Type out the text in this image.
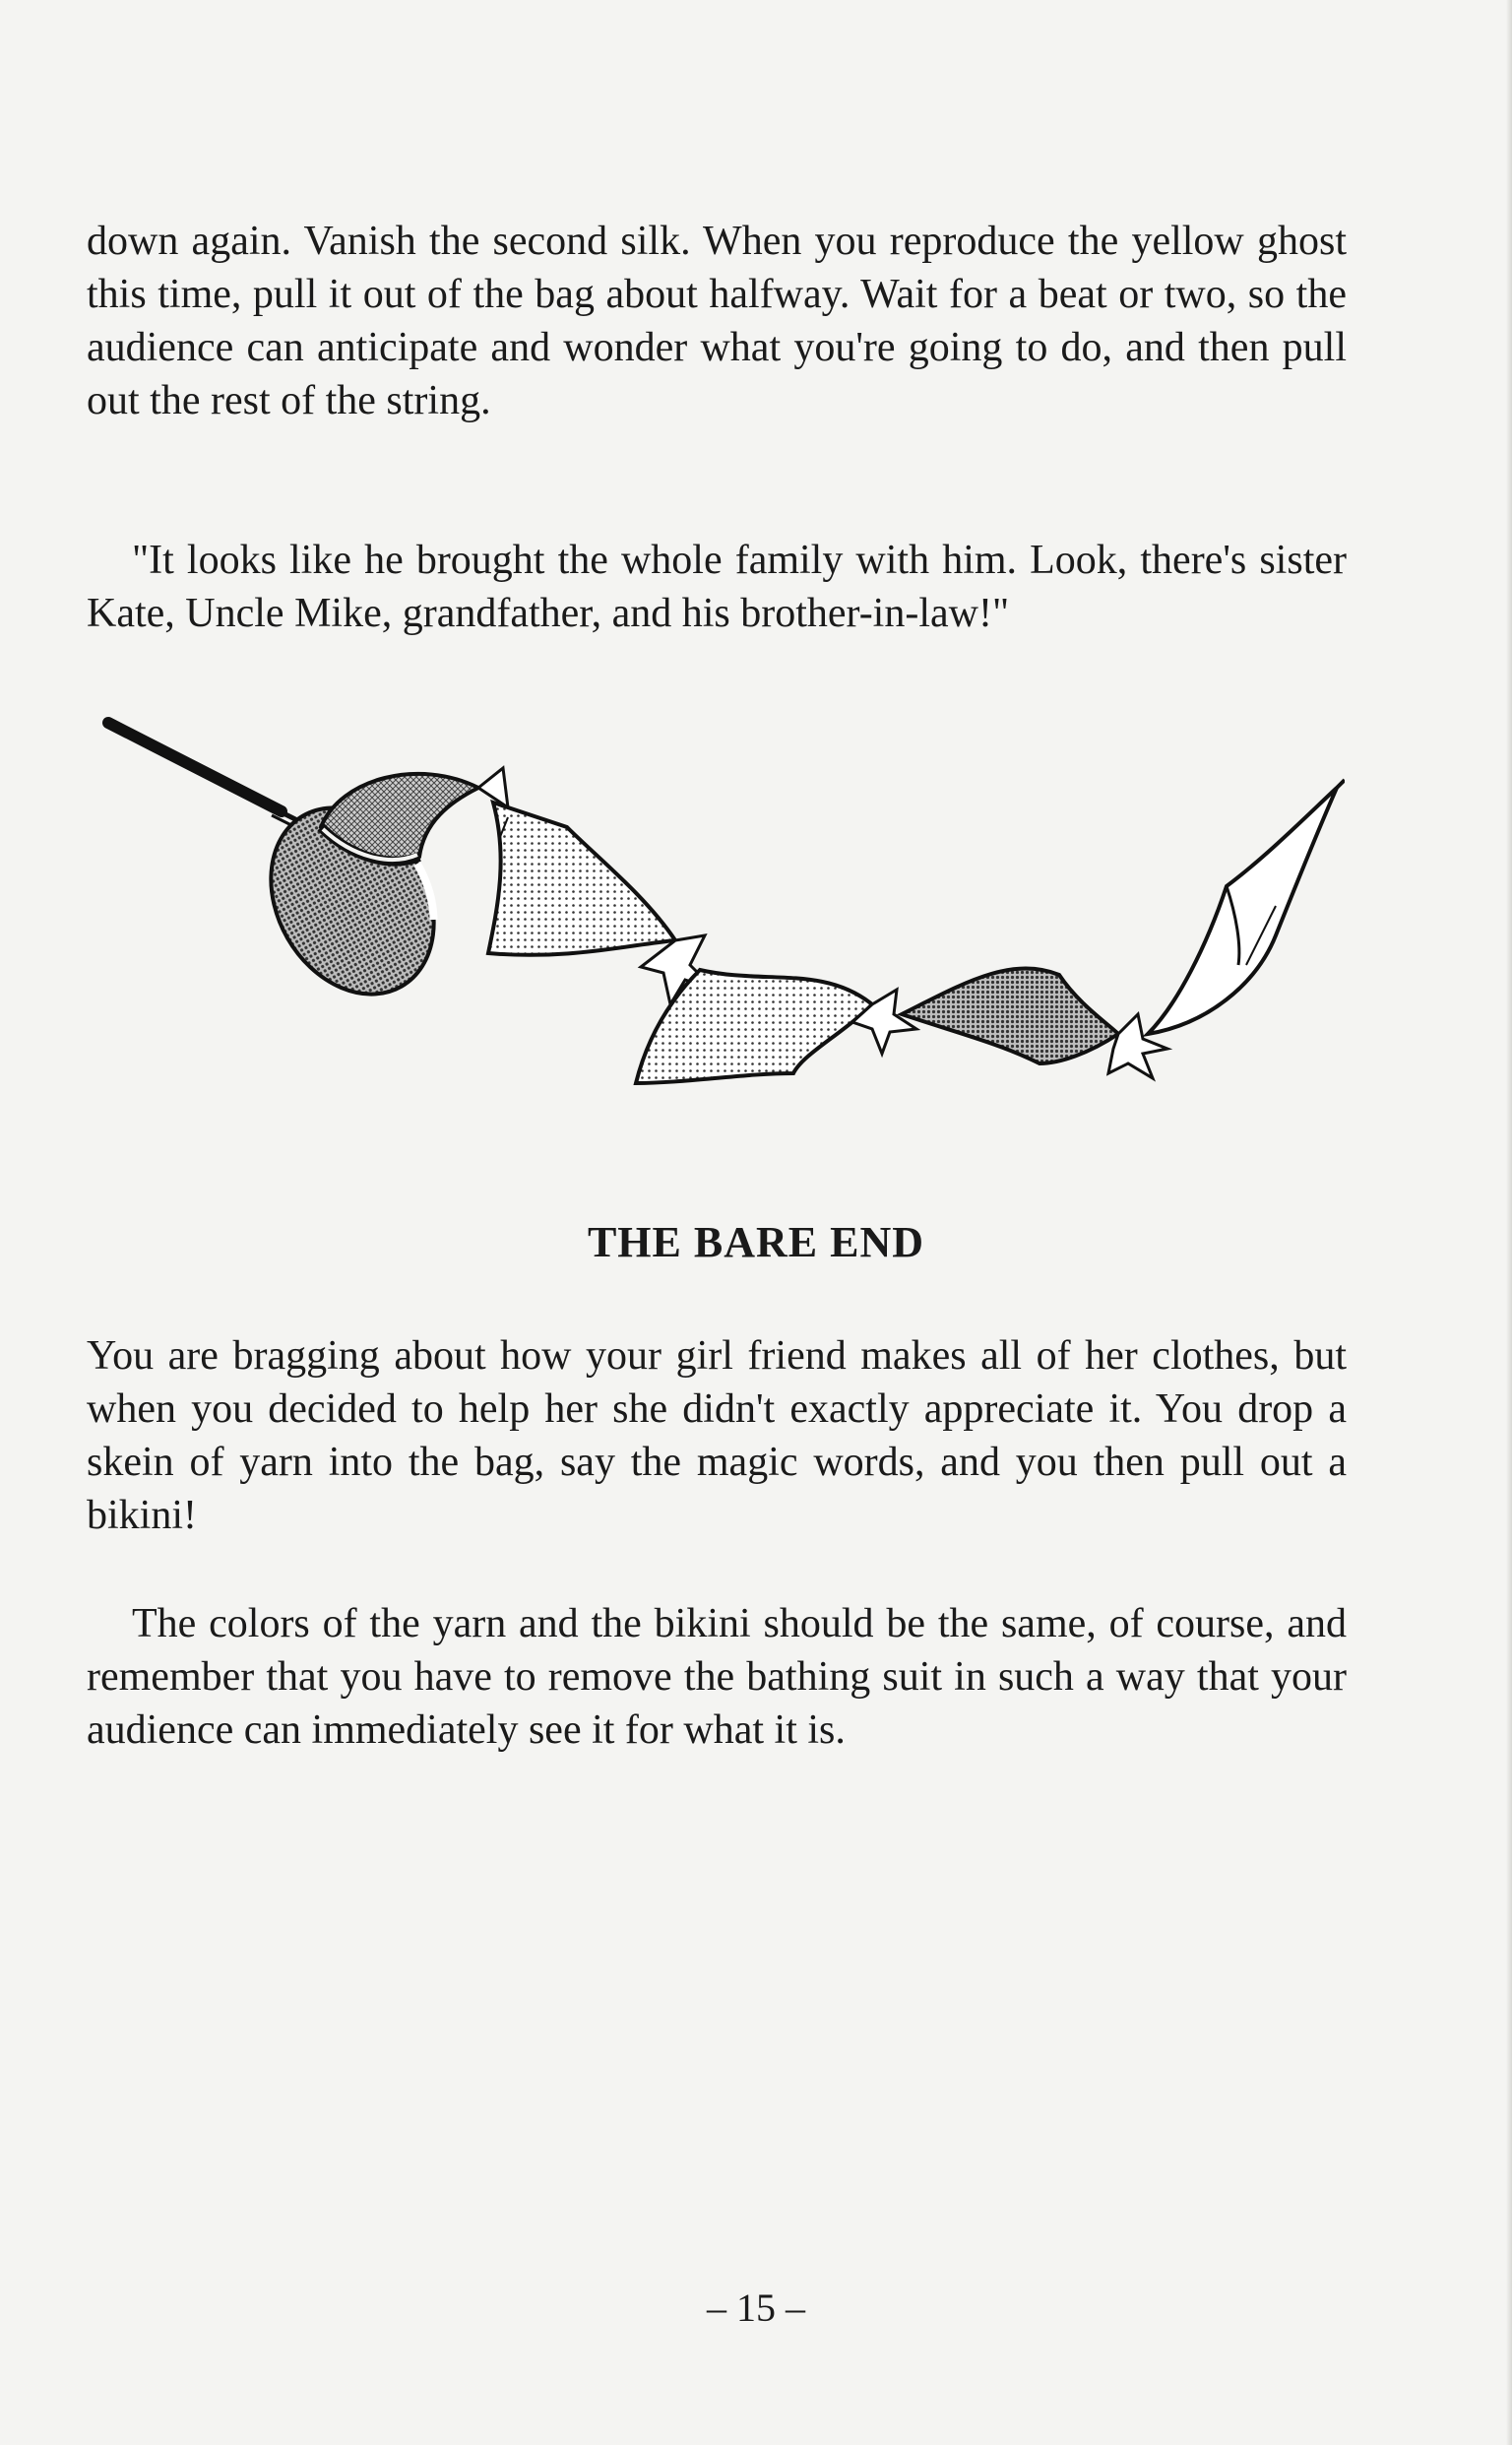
down again. Vanish the second silk. When you reproduce the yellow ghost this time, pull it out of the bag about halfway. Wait for a beat or two, so the audience can anticipate and wonder what you're going to do, and then pull out the rest of the string.

"It looks like he brought the whole family with him. Look, there's sister Kate, Uncle Mike, grandfather, and his brother-in-law!"

THE BARE END

You are bragging about how your girl friend makes all of her clothes, but when you decided to help her she didn't exactly appreciate it. You drop a skein of yarn into the bag, say the magic words, and you then pull out a bikini!

The colors of the yarn and the bikini should be the same, of course, and remember that you have to remove the bathing suit in such a way that your audience can immediately see it for what it is.

– 15 –
